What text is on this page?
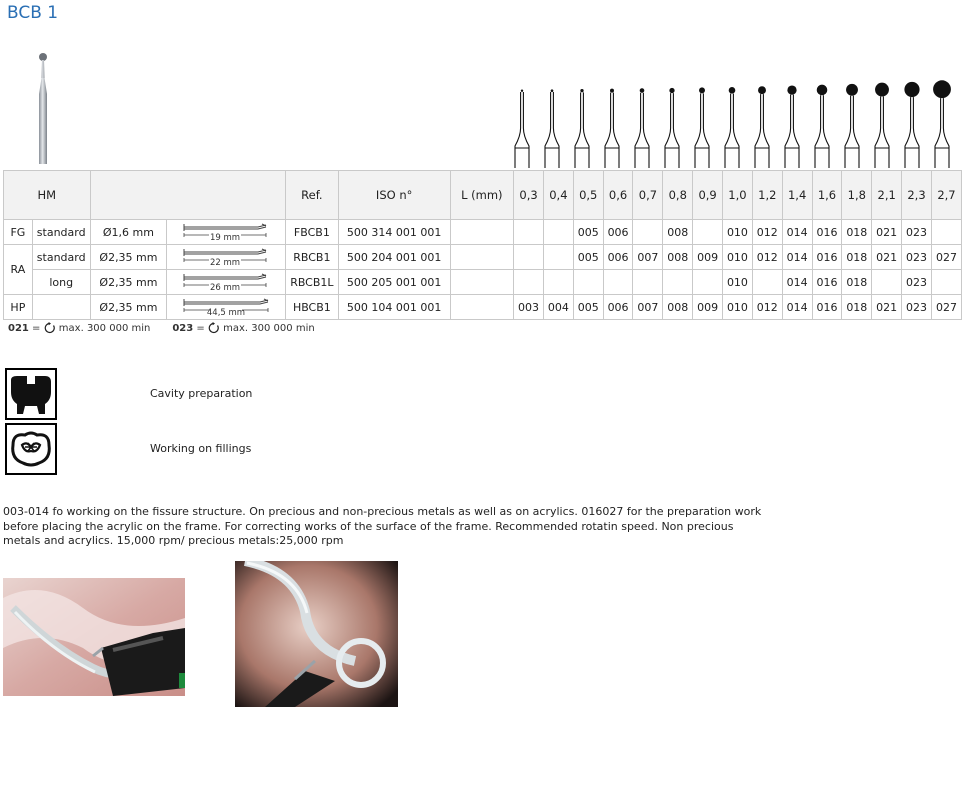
BCB 1
HM				Ref.	ISO n°	L (mm)	0,3	0,4	0,5	0,6	0,7	0,8	0,9	1,0	1,2	1,4	1,6	1,8	2,1	2,3	2,7
FG	standard	Ø1,6 mm	19 mm	FBCB1	500 314 001 001				005	006		008		010	012	014	016	018	021	023	
RA	standard	Ø2,35 mm	22 mm	RBCB1	500 204 001 001				005	006	007	008	009	010	012	014	016	018	021	023	027
	long	Ø2,35 mm	26 mm	RBCB1L	500 205 001 001									010		014	016	018		023	
HP		Ø2,35 mm	44,5 mm	HBCB1	500 104 001 001		003	004	005	006	007	008	009	010	012	014	016	018	021	023	027
021 =  max. 300 000 min 023 =  max. 300 000 min
Cavity preparation
Working on fillings
003-014 fo working on the fissure structure. On precious and non-precious metals as well as on acrylics. 016027 for the preparation work before placing the acrylic on the frame. For correcting works of the surface of the frame. Recommended rotatin speed. Non precious metals and acrylics. 15,000 rpm/ precious metals:25,000 rpm
